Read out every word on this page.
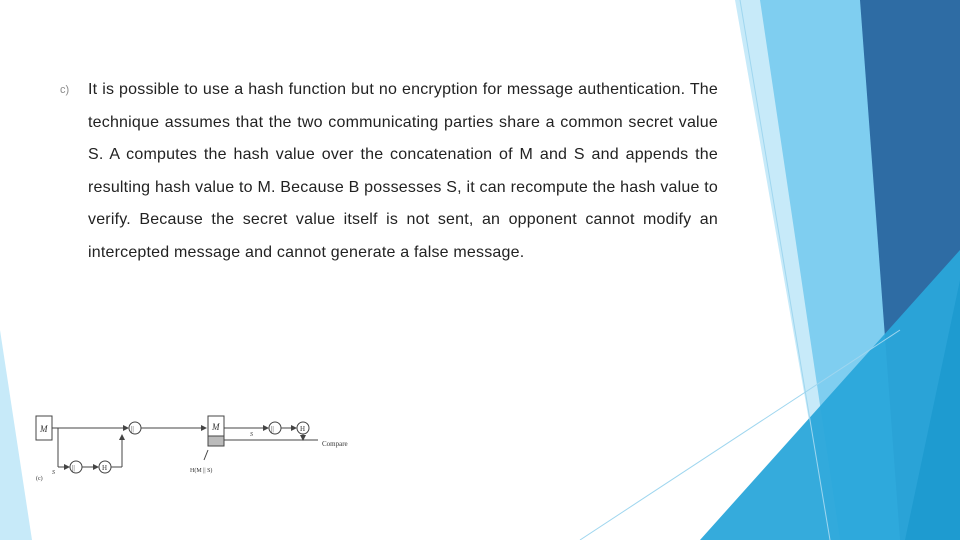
c) It is possible to use a hash function but no encryption for message authentication. The technique assumes that the two communicating parties share a common secret value S. A computes the hash value over the concatenation of M and S and appends the resulting hash value to M. Because B possesses S, it can recompute the hash value to verify. Because the secret value itself is not sent, an opponent cannot modify an intercepted message and cannot generate a false message.
M	||
S
||	H
M
S
||	H
Compare
H(M || S)
(c)
